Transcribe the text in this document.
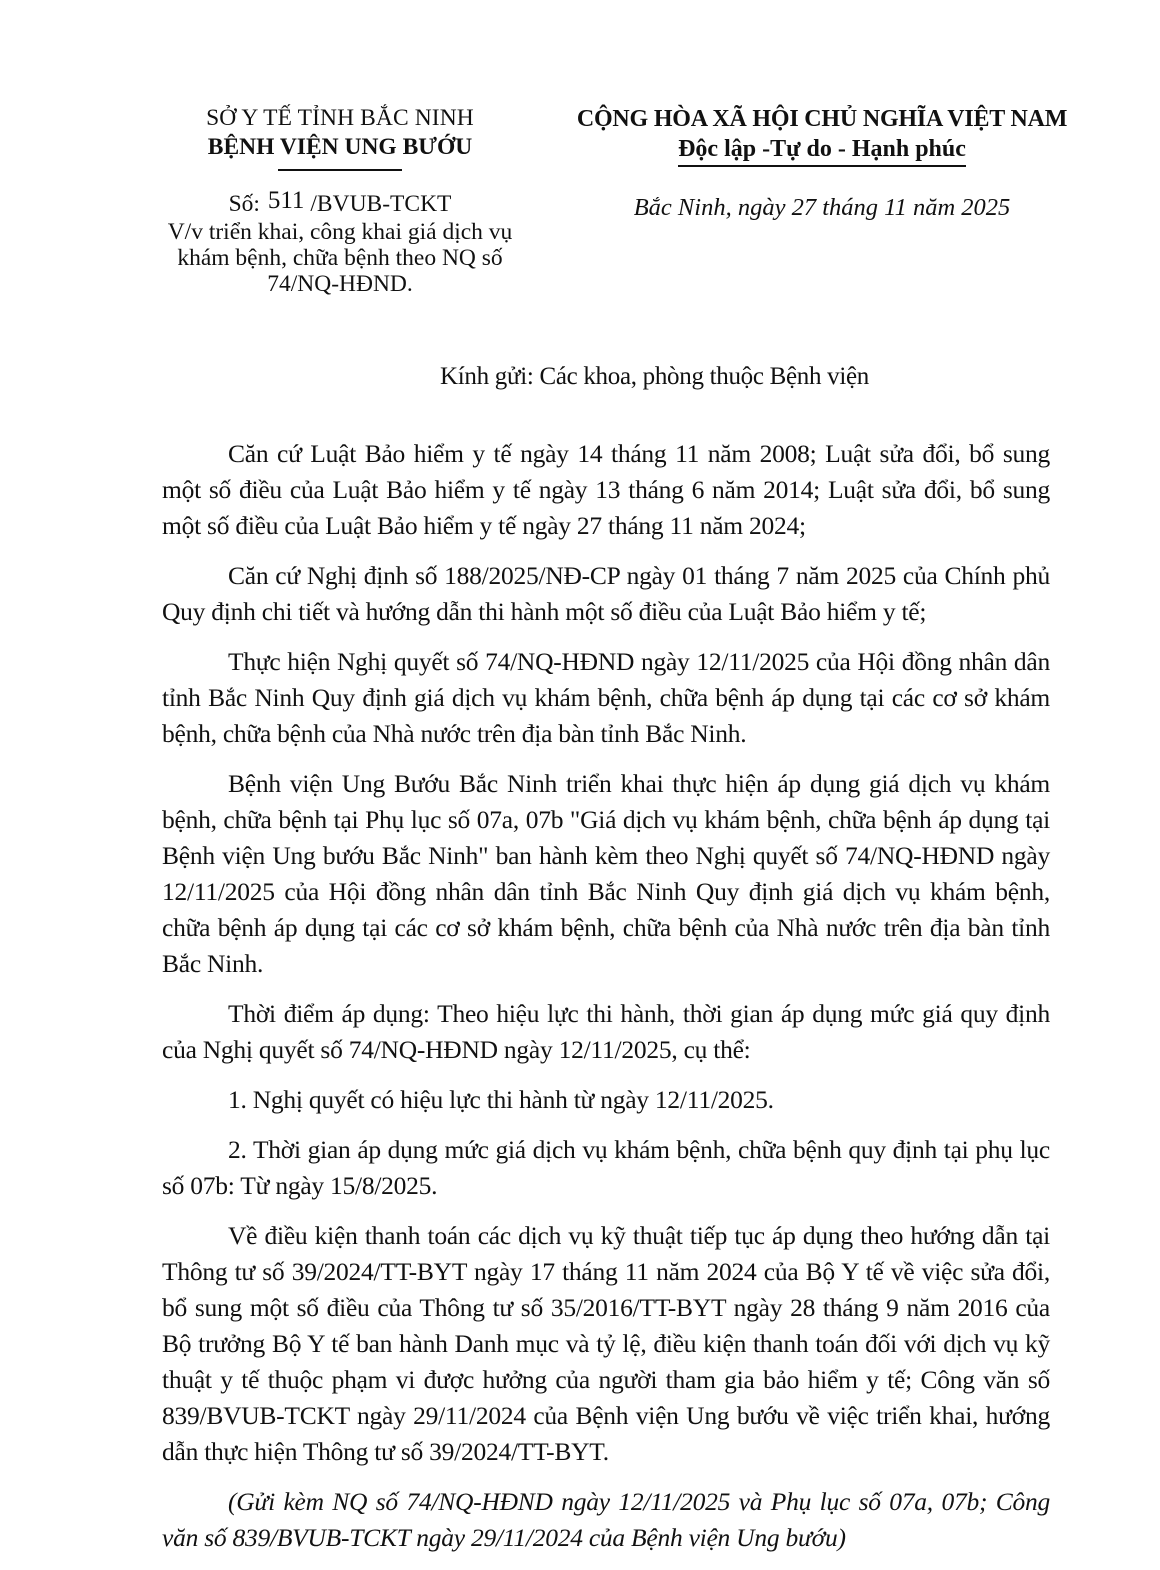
SỞ Y TẾ TỈNH BẮC NINH
BỆNH VIỆN UNG BƯỚU
Số: 511 /BVUB-TCKT
V/v triển khai, công khai giá dịch vụ khám bệnh, chữa bệnh theo NQ số 74/NQ-HĐND.
CỘNG HÒA XÃ HỘI CHỦ NGHĨA VIỆT NAM
Độc lập -Tự do - Hạnh phúc
Bắc Ninh, ngày 27 tháng 11 năm 2025
Kính gửi: Các khoa, phòng thuộc Bệnh viện

Căn cứ Luật Bảo hiểm y tế ngày 14 tháng 11 năm 2008; Luật sửa đổi, bổ sung một số điều của Luật Bảo hiểm y tế ngày 13 tháng 6 năm 2014; Luật sửa đổi, bổ sung một số điều của Luật Bảo hiểm y tế ngày 27 tháng 11 năm 2024;

Căn cứ Nghị định số 188/2025/NĐ-CP ngày 01 tháng 7 năm 2025 của Chính phủ Quy định chi tiết và hướng dẫn thi hành một số điều của Luật Bảo hiểm y tế;

Thực hiện Nghị quyết số 74/NQ-HĐND ngày 12/11/2025 của Hội đồng nhân dân tỉnh Bắc Ninh Quy định giá dịch vụ khám bệnh, chữa bệnh áp dụng tại các cơ sở khám bệnh, chữa bệnh của Nhà nước trên địa bàn tỉnh Bắc Ninh.

Bệnh viện Ung Bướu Bắc Ninh triển khai thực hiện áp dụng giá dịch vụ khám bệnh, chữa bệnh tại Phụ lục số 07a, 07b "Giá dịch vụ khám bệnh, chữa bệnh áp dụng tại Bệnh viện Ung bướu Bắc Ninh" ban hành kèm theo Nghị quyết số 74/NQ-HĐND ngày 12/11/2025 của Hội đồng nhân dân tỉnh Bắc Ninh Quy định giá dịch vụ khám bệnh, chữa bệnh áp dụng tại các cơ sở khám bệnh, chữa bệnh của Nhà nước trên địa bàn tỉnh Bắc Ninh.

Thời điểm áp dụng: Theo hiệu lực thi hành, thời gian áp dụng mức giá quy định của Nghị quyết số 74/NQ-HĐND ngày 12/11/2025, cụ thể:

1. Nghị quyết có hiệu lực thi hành từ ngày 12/11/2025.

2. Thời gian áp dụng mức giá dịch vụ khám bệnh, chữa bệnh quy định tại phụ lục số 07b: Từ ngày 15/8/2025.

Về điều kiện thanh toán các dịch vụ kỹ thuật tiếp tục áp dụng theo hướng dẫn tại Thông tư số 39/2024/TT-BYT ngày 17 tháng 11 năm 2024 của Bộ Y tế về việc sửa đổi, bổ sung một số điều của Thông tư số 35/2016/TT-BYT ngày 28 tháng 9 năm 2016 của Bộ trưởng Bộ Y tế ban hành Danh mục và tỷ lệ, điều kiện thanh toán đối với dịch vụ kỹ thuật y tế thuộc phạm vi được hưởng của người tham gia bảo hiểm y tế; Công văn số 839/BVUB-TCKT ngày 29/11/2024 của Bệnh viện Ung bướu về việc triển khai, hướng dẫn thực hiện Thông tư số 39/2024/TT-BYT.

(Gửi kèm NQ số 74/NQ-HĐND ngày 12/11/2025 và Phụ lục số 07a, 07b; Công văn số 839/BVUB-TCKT ngày 29/11/2024 của Bệnh viện Ung bướu)
